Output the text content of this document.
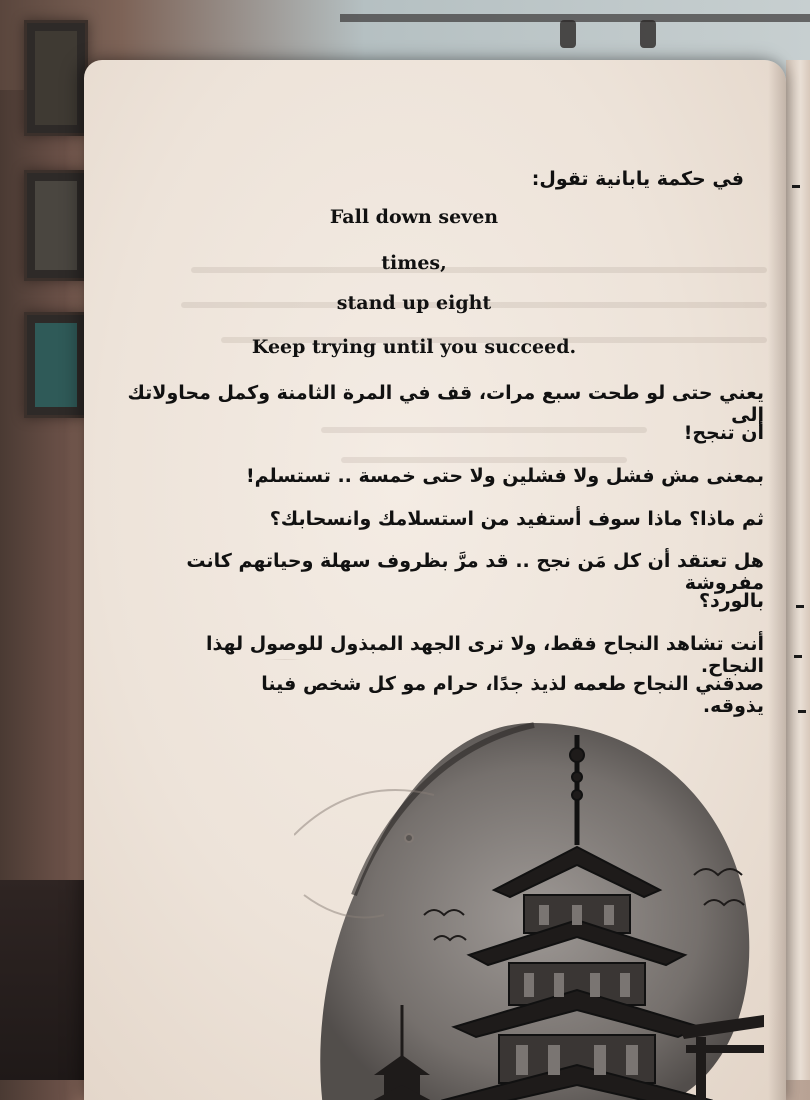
في حكمة يابانية تقول:
Fall down seven
times,
stand up eight
Keep trying until you succeed.
يعني حتى لو طحت سبع مرات، قف في المرة الثامنة وكمل محاولاتك إلى
أن تنجح!
بمعنى مش فشل ولا فشلين ولا حتى خمسة .. تستسلم!
ثم ماذا؟ ماذا سوف أستفيد من استسلامك وانسحابك؟
هل تعتقد أن كل مَن نجح .. قد مرَّ بظروف سهلة وحياتهم كانت مفروشة
بالورد؟
أنت تشاهد النجاح فقط، ولا ترى الجهد المبذول للوصول لهذا النجاح.
صدقني النجاح طعمه لذيذ جدًا، حرام مو كل شخص فينا يذوقه.
